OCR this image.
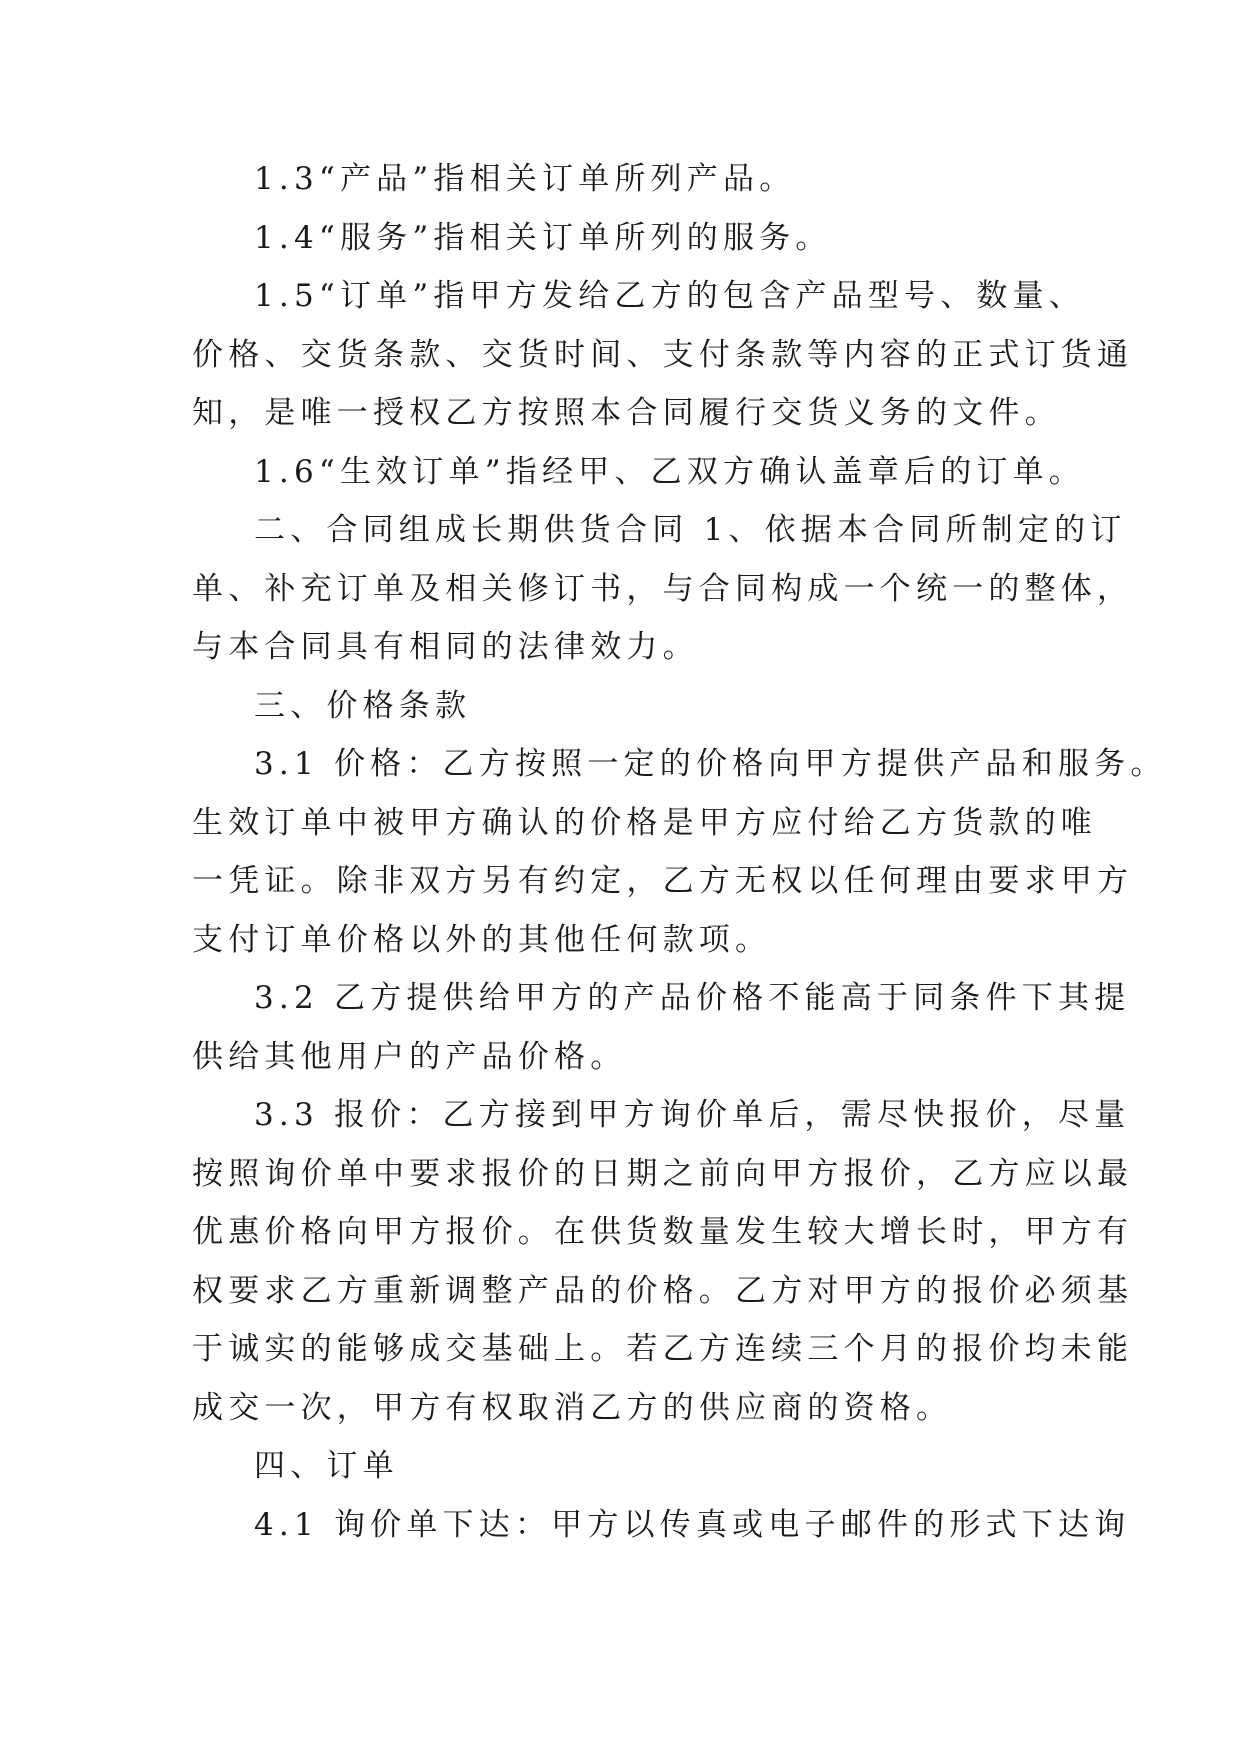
1.3“产品”指相关订单所列产品。

1.4“服务”指相关订单所列的服务。

1.5“订单”指甲方发给乙方的包含产品型号、数量、
价格、交货条款、交货时间、支付条款等内容的正式订货通
知，是唯一授权乙方按照本合同履行交货义务的文件。

1.6“生效订单”指经甲、乙双方确认盖章后的订单。

二、合同组成长期供货合同 1、依据本合同所制定的订
单、补充订单及相关修订书，与合同构成一个统一的整体，
与本合同具有相同的法律效力。

三、价格条款

3.1 价格：乙方按照一定的价格向甲方提供产品和服务。
生效订单中被甲方确认的价格是甲方应付给乙方货款的唯
一凭证。除非双方另有约定，乙方无权以任何理由要求甲方
支付订单价格以外的其他任何款项。

3.2 乙方提供给甲方的产品价格不能高于同条件下其提
供给其他用户的产品价格。

3.3 报价：乙方接到甲方询价单后，需尽快报价，尽量
按照询价单中要求报价的日期之前向甲方报价，乙方应以最
优惠价格向甲方报价。在供货数量发生较大增长时，甲方有
权要求乙方重新调整产品的价格。乙方对甲方的报价必须基
于诚实的能够成交基础上。若乙方连续三个月的报价均未能
成交一次，甲方有权取消乙方的供应商的资格。

四、订单

4.1 询价单下达：甲方以传真或电子邮件的形式下达询
